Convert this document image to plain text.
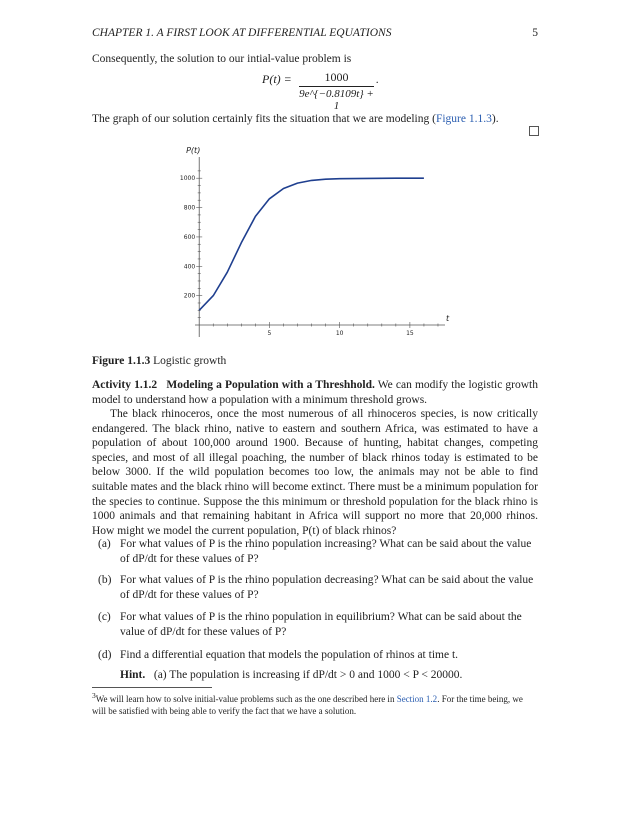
CHAPTER 1. A FIRST LOOK AT DIFFERENTIAL EQUATIONS	5
Consequently, the solution to our intial-value problem is
$P(t) = \frac{1000}{9e\^{}\{-0.8109t\} + 1}$ .
The graph of our solution certainly fits the situation that we are modeling (Figure 1.1.3).
5	10	15
200
400
600
800
1000
P(t)
t
Figure 1.1.3 Logistic growth
Activity 1.1.2 Modeling a Population with a Threshhold. We can modify the logistic growth model to understand how a population with a minimum threshold grows.
The black rhinoceros, once the most numerous of all rhinoceros species, is now critically endangered. The black rhino, native to eastern and southern Africa, was estimated to have a population of about 100,000 around 1900. Because of hunting, habitat changes, competing species, and most of all illegal poaching, the number of black rhinos today is estimated to be below 3000. If the wild population becomes too low, the animals may not be able to find suitable mates and the black rhino will become extinct. There must be a minimum population for the species to continue. Suppose the this minimum or threshold population for the black rhino is 1000 animals and that remaining habitant in Africa will support no more that 20,000 rhinos. How might we model the current population, P(t) of black rhinos?
(a) For what values of P is the rhino population increasing? What can be said about the value of dP/dt for these values of P?
(b) For what values of P is the rhino population decreasing? What can be said about the value of dP/dt for these values of P?
(c) For what values of P is the rhino population in equilibrium? What can be said about the value of dP/dt for these values of P?
(d) Find a differential equation that models the population of rhinos at time t.
Hint. (a) The population is increasing if dP/dt > 0 and 1000 < P < 20000.
$^3$We will learn how to solve initial-value problems such as the one described here in Section 1.2. For the time being, we will be satisfied with being able to verify the fact that we have a solution.
